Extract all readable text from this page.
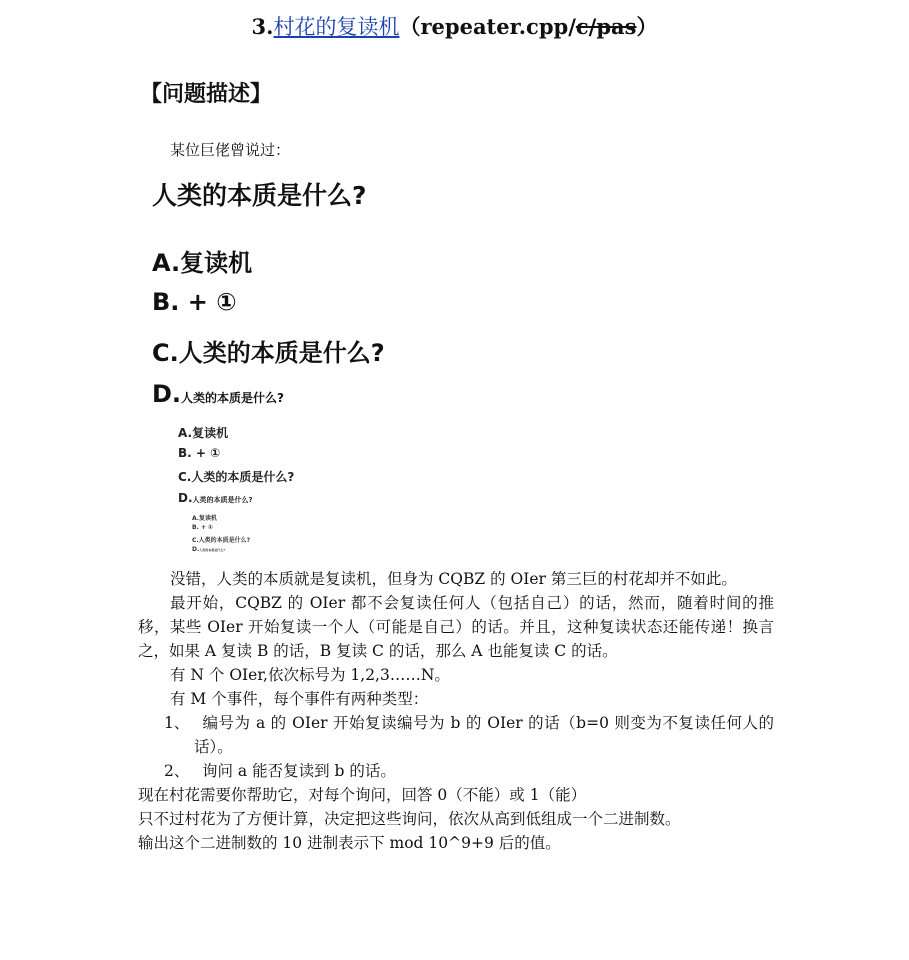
3.村花的复读机（repeater.cpp/c/pas）
【问题描述】
某位巨佬曾说过：
人类的本质是什么?
A.复读机
B. + ①
C.人类的本质是什么?
D.人类的本质是什么?
A.复读机
B. + ①
C.人类的本质是什么?
D.人类的本质是什么?
A.复读机
B. + ①
C.人类的本质是什么?
D.人类的本质是什么?

没错，人类的本质就是复读机，但身为 CQBZ 的 OIer 第三巨的村花却并不如此。

最开始，CQBZ 的 OIer 都不会复读任何人（包括自己）的话，然而，随着时间的推移，某些 OIer 开始复读一个人（可能是自己）的话。并且，这种复读状态还能传递！换言之，如果 A 复读 B 的话，B 复读 C 的话，那么 A 也能复读 C 的话。

有 N 个 OIer,依次标号为 1,2,3……N。

有 M 个事件，每个事件有两种类型：

1、 编号为 a 的 OIer 开始复读编号为 b 的 OIer 的话（b=0 则变为不复读任何人的话）。

2、 询问 a 能否复读到 b 的话。

现在村花需要你帮助它，对每个询问，回答 0（不能）或 1（能）

只不过村花为了方便计算，决定把这些询问，依次从高到低组成一个二进制数。

输出这个二进制数的 10 进制表示下 mod 10^9+9 后的值。
